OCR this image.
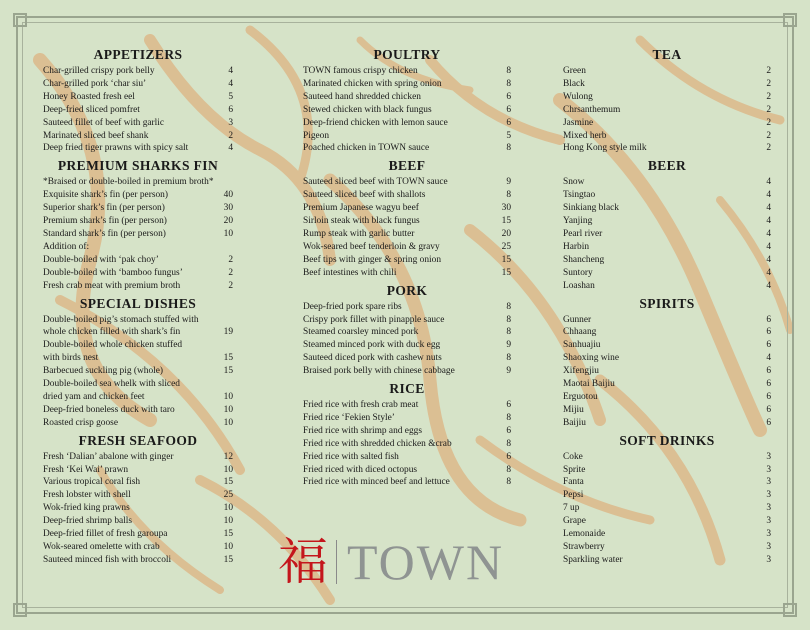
APPETIZERS
Char-grilled crispy pork belly	4
Char-grilled pork ‘char siu’	4
Honey Roasted fresh eel	5
Deep-fried sliced pomfret	6
Sauteed fillet of beef with garlic	3
Marinated sliced beef shank	2
Deep fried tiger prawns with spicy salt	4
PREMIUM SHARKS FIN
*Braised or double-boiled in premium broth*
Exquisite shark’s fin (per person)	40
Superior shark’s fin (per person)	30
Premium shark’s fin (per person)	20
Standard shark’s fin (per person)	10
Addition of:
Double-boiled with ‘pak choy’	2
Double-boiled with ‘bamboo fungus’	2
Fresh crab meat with premium broth	2
SPECIAL DISHES
Double-boiled pig’s stomach stuffed with
whole chicken filled with shark’s fin	19
Double-boiled whole chicken stuffed
with birds nest	15
Barbecued suckling pig (whole)	15
Double-boiled sea whelk with sliced
dried yam and chicken feet	10
Deep-fried boneless duck with taro	10
Roasted crisp goose	10
FRESH SEAFOOD
Fresh ‘Dalian’ abalone with ginger	12
Fresh ‘Kei Wai’ prawn	10
Various tropical coral fish	15
Fresh lobster with shell	25
Wok-fried king prawns	10
Deep-fried shrimp balls	10
Deep-fried fillet of fresh garoupa	15
Wok-seared omelette with crab	10
Sauteed minced fish with broccoli	15
POULTRY
TOWN famous crispy chicken	8
Marinated chicken with spring onion	8
Sauteed hand shredded chicken	6
Stewed chicken with black fungus	6
Deep-friend chicken with lemon sauce	6
Pigeon	5
Poached chicken in TOWN sauce	8
BEEF
Sauteed sliced beef with TOWN sauce	9
Sauteed sliced beef with shallots	8
Premium Japanese wagyu beef	30
Sirloin steak with black fungus	15
Rump steak with garlic butter	20
Wok-seared beef tenderloin & gravy	25
Beef tips with ginger & spring onion	15
Beef intestines with chili	15
PORK
Deep-fried pork spare ribs	8
Crispy pork fillet with pinapple sauce	8
Steamed coarsley minced pork	8
Steamed minced pork with duck egg	9
Sauteed diced pork with cashew nuts	8
Braised pork belly with chinese cabbage	9
RICE
Fried rice with fresh crab meat	6
Fried rice ‘Fekien Style’	8
Fried rice with shrimp and eggs	6
Fried rice with shredded chicken &crab	8
Fried rice with salted fish	6
Fried riced with diced octopus	8
Fried rice with minced beef and lettuce	8
TEA
Green	2
Black	2
Wulong	2
Chrsanthemum	2
Jasmine	2
Mixed herb	2
Hong Kong style milk	2
BEER
Snow	4
Tsingtao	4
Sinkiang black	4
Yanjing	4
Pearl river	4
Harbin	4
Shancheng	4
Suntory	4
Loashan	4
SPIRITS
Gunner	6
Chhaang	6
Sanhuajiu	6
Shaoxing wine	4
Xifengjiu	6
Maotai Baijiu	6
Erguotou	6
Mijiu	6
Baijiu	6
SOFT DRINKS
Coke	3
Sprite	3
Fanta	3
Pepsi	3
7 up	3
Grape	3
Lemonaide	3
Strawberry	3
Sparkling water	3
福 TOWN
